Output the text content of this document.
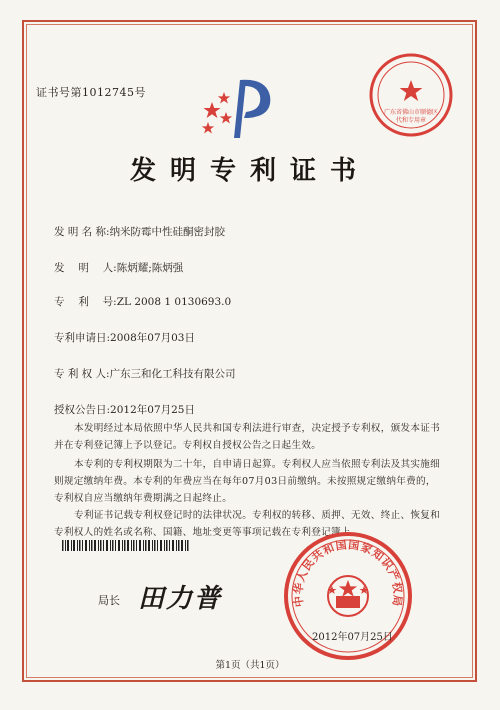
证书号第1012745号
广东省佛山市顺德区
代和专用章
发明专利证书
发 明 名 称:纳米防霉中性硅酮密封胶
发　 明　 人:陈炳耀;陈炳强
专　 利　 号:ZL 2008 1 0130693.0
专利申请日:2008年07月03日
专 利 权 人:广东三和化工科技有限公司
授权公告日:2012年07月25日
本发明经过本局依照中华人民共和国专利法进行审查，决定授予专利权，颁发本证书并在专利登记簿上予以登记。专利权自授权公告之日起生效。
本专利的专利权期限为二十年，自申请日起算。专利权人应当依照专利法及其实施细则规定缴纳年费。本专利的年费应当在每年07月03日前缴纳。未按照规定缴纳年费的，专利权自应当缴纳年费期满之日起终止。
专利证书记载专利权登记时的法律状况。专利权的转移、质押、无效、终止、恢复和专利权人的姓名或名称、国籍、地址变更等事项记载在专利登记簿上。
局长 田力普	中华人民共和国国家知识产权局
2012年07月25日
第1页（共1页）
